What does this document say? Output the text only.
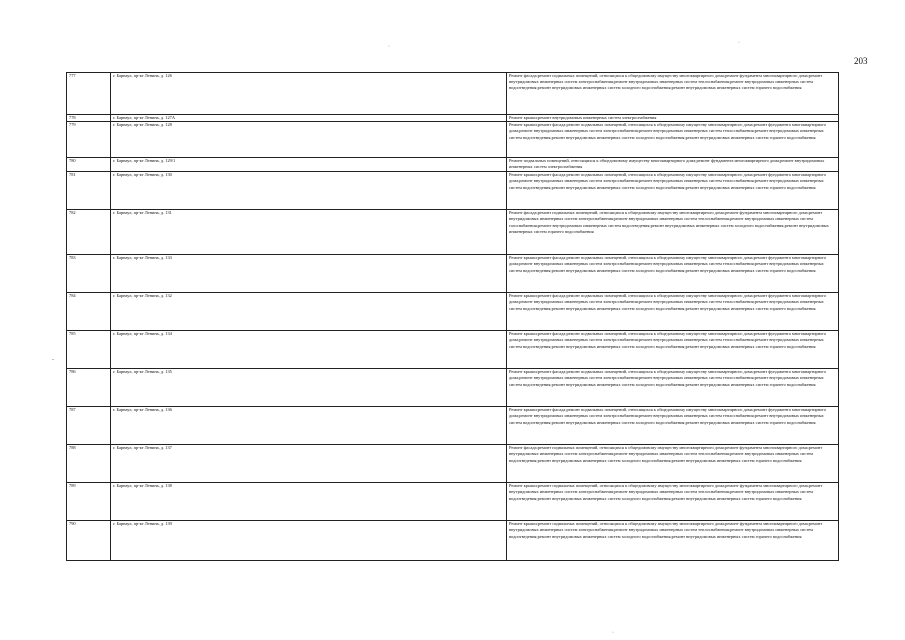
203
777	г. Барнаул, пр-кт Ленина, д. 126	Ремонт фасада;ремонт подвальных помещений, относящихся к общедомовому имуществу многоквартирного дома;ремонт фундамента многоквартирного дома;ремонт внутридомовых инженерных систем электроснабжения;ремонт внутридомовых инженерных систем теплоснабжения;ремонт внутридомовых инженерных систем водоотведения;ремонт внутридомовых инженерных систем холодного водоснабжения;ремонт внутридомовых инженерных систем горячего водоснабжения
778	г. Барнаул, пр-кт Ленина, д. 127А	Ремонт крыши;ремонт внутридомовых инженерных систем электроснабжения
779	г. Барнаул, пр-кт Ленина, д. 128	Ремонт крыши;ремонт фасада;ремонт подвальных помещений, относящихся к общедомовому имуществу многоквартирного дома;ремонт фундамента многоквартирного дома;ремонт внутридомовых инженерных систем электроснабжения;ремонт внутридомовых инженерных систем теплоснабжения;ремонт внутридомовых инженерных систем водоотведения;ремонт внутридомовых инженерных систем холодного водоснабжения;ремонт внутридомовых инженерных систем горячего водоснабжения
780	г. Барнаул, пр-кт Ленина, д. 129/1	Ремонт подвальных помещений, относящихся к общедомовому имуществу многоквартирного дома;ремонт фундамента многоквартирного дома;ремонт внутридомовых инженерных систем электроснабжения
781	г. Барнаул, пр-кт Ленина, д. 130	Ремонт крыши;ремонт фасада;ремонт подвальных помещений, относящихся к общедомовому имуществу многоквартирного дома;ремонт фундамента многоквартирного дома;ремонт внутридомовых инженерных систем электроснабжения;ремонт внутридомовых инженерных систем теплоснабжения;ремонт внутридомовых инженерных систем водоотведения;ремонт внутридомовых инженерных систем холодного водоснабжения;ремонт внутридомовых инженерных систем горячего водоснабжения
782	г. Барнаул, пр-кт Ленина, д. 131	Ремонт фасада;ремонт подвальных помещений, относящихся к общедомовому имуществу многоквартирного дома;ремонт фундамента многоквартирного дома;ремонт внутридомовых инженерных систем электроснабжения;ремонт внутридомовых инженерных систем теплоснабжения;ремонт внутридомовых инженерных систем газоснабжения;ремонт внутридомовых инженерных систем водоотведения;ремонт внутридомовых инженерных систем холодного водоснабжения;ремонт внутридомовых инженерных систем горячего водоснабжения
783	г. Барнаул, пр-кт Ленина, д. 133	Ремонт крыши;ремонт фасада;ремонт подвальных помещений, относящихся к общедомовому имуществу многоквартирного дома;ремонт фундамента многоквартирного дома;ремонт внутридомовых инженерных систем электроснабжения;ремонт внутридомовых инженерных систем теплоснабжения;ремонт внутридомовых инженерных систем водоотведения;ремонт внутридомовых инженерных систем холодного водоснабжения;ремонт внутридомовых инженерных систем горячего водоснабжения
784	г. Барнаул, пр-кт Ленина, д. 132	Ремонт крыши;ремонт фасада;ремонт подвальных помещений, относящихся к общедомовому имуществу многоквартирного дома;ремонт фундамента многоквартирного дома;ремонт внутридомовых инженерных систем электроснабжения;ремонт внутридомовых инженерных систем теплоснабжения;ремонт внутридомовых инженерных систем водоотведения;ремонт внутридомовых инженерных систем холодного водоснабжения;ремонт внутридомовых инженерных систем горячего водоснабжения
785	г. Барнаул, пр-кт Ленина, д. 134	Ремонт крыши;ремонт фасада;ремонт подвальных помещений, относящихся к общедомовому имуществу многоквартирного дома;ремонт фундамента многоквартирного дома;ремонт внутридомовых инженерных систем электроснабжения;ремонт внутридомовых инженерных систем теплоснабжения;ремонт внутридомовых инженерных систем водоотведения;ремонт внутридомовых инженерных систем холодного водоснабжения;ремонт внутридомовых инженерных систем горячего водоснабжения
786	г. Барнаул, пр-кт Ленина, д. 135	Ремонт крыши;ремонт фасада;ремонт подвальных помещений, относящихся к общедомовому имуществу многоквартирного дома;ремонт фундамента многоквартирного дома;ремонт внутридомовых инженерных систем электроснабжения;ремонт внутридомовых инженерных систем теплоснабжения;ремонт внутридомовых инженерных систем водоотведения;ремонт внутридомовых инженерных систем холодного водоснабжения;ремонт внутридомовых инженерных систем горячего водоснабжения
787	г. Барнаул, пр-кт Ленина, д. 136	Ремонт крыши;ремонт фасада;ремонт подвальных помещений, относящихся к общедомовому имуществу многоквартирного дома;ремонт фундамента многоквартирного дома;ремонт внутридомовых инженерных систем электроснабжения;ремонт внутридомовых инженерных систем теплоснабжения;ремонт внутридомовых инженерных систем водоотведения;ремонт внутридомовых инженерных систем холодного водоснабжения;ремонт внутридомовых инженерных систем горячего водоснабжения
788	г. Барнаул, пр-кт Ленина, д. 137	Ремонт фасада;ремонт подвальных помещений, относящихся к общедомовому имуществу многоквартирного дома;ремонт фундамента многоквартирного дома;ремонт внутридомовых инженерных систем электроснабжения;ремонт внутридомовых инженерных систем теплоснабжения;ремонт внутридомовых инженерных систем водоотведения;ремонт внутридомовых инженерных систем холодного водоснабжения;ремонт внутридомовых инженерных систем горячего водоснабжения
789	г. Барнаул, пр-кт Ленина, д. 138	Ремонт крыши;ремонт подвальных помещений, относящихся к общедомовому имуществу многоквартирного дома;ремонт фундамента многоквартирного дома;ремонт внутридомовых инженерных систем электроснабжения;ремонт внутридомовых инженерных систем теплоснабжения;ремонт внутридомовых инженерных систем водоотведения;ремонт внутридомовых инженерных систем холодного водоснабжения;ремонт внутридомовых инженерных систем горячего водоснабжения
790	г. Барнаул, пр-кт Ленина, д. 139	Ремонт крыши;ремонт подвальных помещений, относящихся к общедомовому имуществу многоквартирного дома;ремонт фундамента многоквартирного дома;ремонт внутридомовых инженерных систем электроснабжения;ремонт внутридомовых инженерных систем теплоснабжения;ремонт внутридомовых инженерных систем водоотведения;ремонт внутридомовых инженерных систем холодного водоснабжения;ремонт внутридомовых инженерных систем горячего водоснабжения
·
·
-
·
